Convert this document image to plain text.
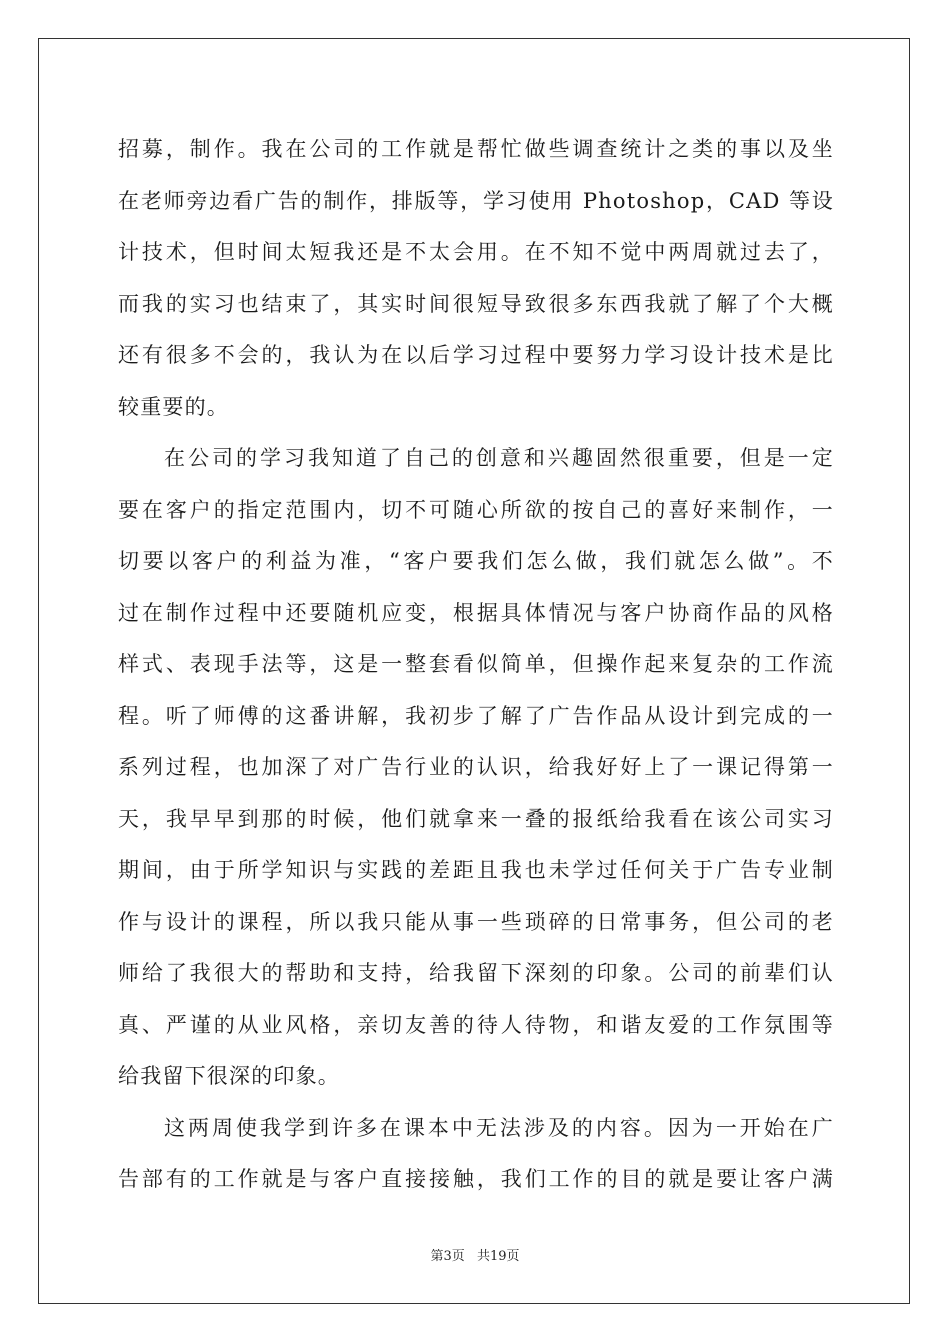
招募，制作。我在公司的工作就是帮忙做些调查统计之类的事以及坐
在老师旁边看广告的制作，排版等，学习使用 Photoshop，CAD 等设
计技术，但时间太短我还是不太会用。在不知不觉中两周就过去了，
而我的实习也结束了，其实时间很短导致很多东西我就了解了个大概
还有很多不会的，我认为在以后学习过程中要努力学习设计技术是比
较重要的。
在公司的学习我知道了自己的创意和兴趣固然很重要，但是一定
要在客户的指定范围内，切不可随心所欲的按自己的喜好来制作，一
切要以客户的利益为准，“客户要我们怎么做，我们就怎么做”。不
过在制作过程中还要随机应变，根据具体情况与客户协商作品的风格
样式、表现手法等，这是一整套看似简单，但操作起来复杂的工作流
程。听了师傅的这番讲解，我初步了解了广告作品从设计到完成的一
系列过程，也加深了对广告行业的认识，给我好好上了一课记得第一
天，我早早到那的时候，他们就拿来一叠的报纸给我看在该公司实习
期间，由于所学知识与实践的差距且我也未学过任何关于广告专业制
作与设计的课程，所以我只能从事一些琐碎的日常事务，但公司的老
师给了我很大的帮助和支持，给我留下深刻的印象。公司的前辈们认
真、严谨的从业风格，亲切友善的待人待物，和谐友爱的工作氛围等
给我留下很深的印象。
这两周使我学到许多在课本中无法涉及的内容。因为一开始在广
告部有的工作就是与客户直接接触，我们工作的目的就是要让客户满
第3页 共19页
